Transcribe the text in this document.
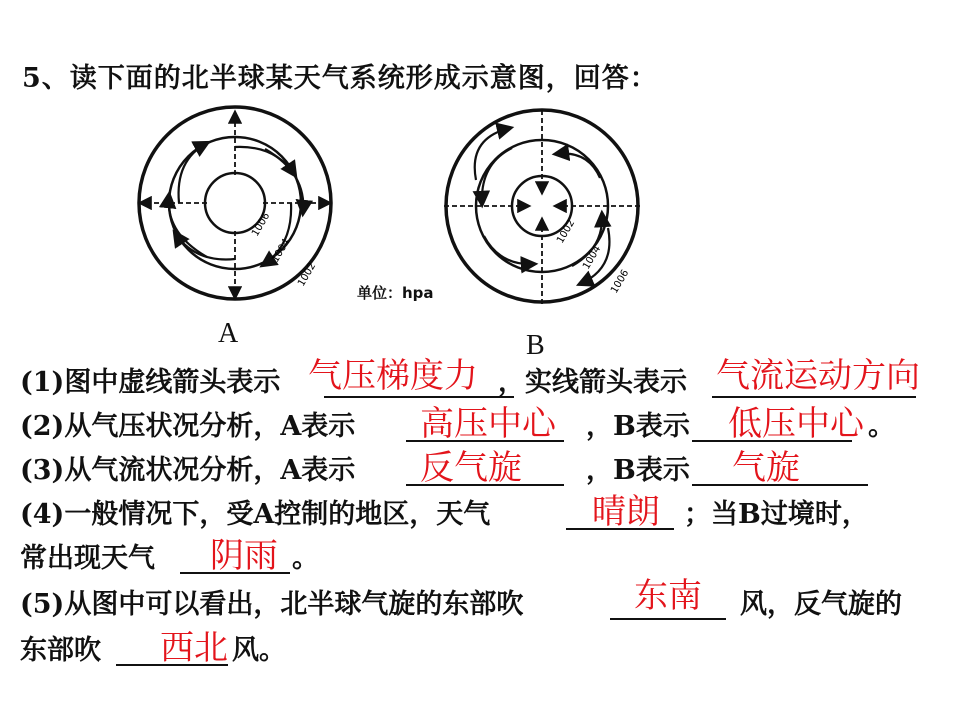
5、读下面的北半球某天气系统形成示意图，回答：
1006
1004
1002
1002
1004
1006
单位：hpa
A	B
(1)图中虚线箭头表示 气压梯度力 ，实线箭头表示 气流运动方向
(2)从气压状况分析，A表示 高压中心 ，B表示 低压中心 。
(3)从气流状况分析，A表示 反气旋 ，B表示 气旋
(4)一般情况下，受A控制的地区，天气	晴朗 ；当B过境时，
常出现天气 阴雨 。
(5)从图中可以看出，北半球气旋的东部吹	东南 风，反气旋的
东部吹 西北 风。
